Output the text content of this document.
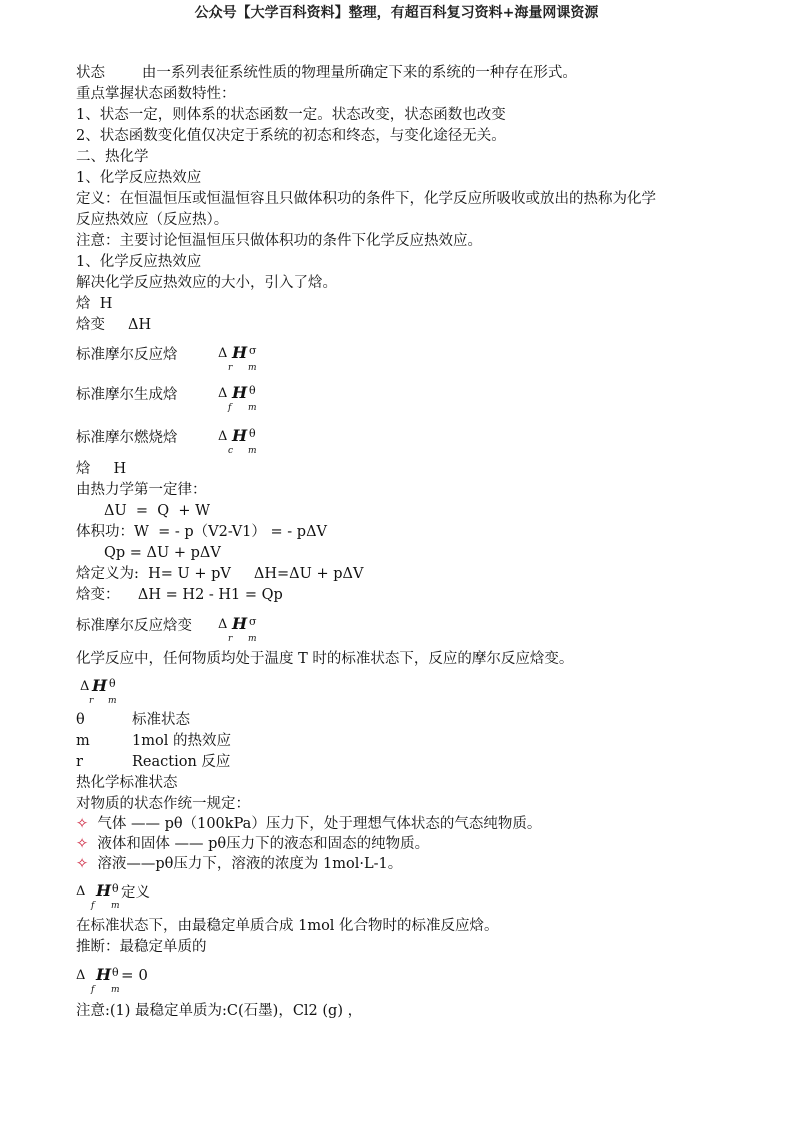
公众号【大学百科资料】整理，有超百科复习资料+海量网课资源
状态        由一系列表征系统性质的物理量所确定下来的系统的一种存在形式。
重点掌握状态函数特性：
1、状态一定，则体系的状态函数一定。状态改变，状态函数也改变
2、状态函数变化值仅决定于系统的初态和终态，与变化途径无关。
二、热化学
1、化学反应热效应
定义：在恒温恒压或恒温恒容且只做体积功的条件下，化学反应所吸收或放出的热称为化学
反应热效应（反应热）。
注意：主要讨论恒温恒压只做体积功的条件下化学反应热效应。
1、化学反应热效应
解决化学反应热效应的大小，引入了焓。
焓  H
焓变     ΔH
标准摩尔反应焓	Δ H σ
r m
标准摩尔生成焓	Δ H θ
f m
标准摩尔燃烧焓	Δ H θ
c m
焓     H
由热力学第一定律：
ΔU  =  Q  + W
体积功：W  = - p（V2-V1） = - pΔV
Qp = ΔU + pΔV
焓定义为:  H= U + pV     ΔH=ΔU + pΔV
焓变：    ΔH = H2 - H1 = Qp
标准摩尔反应焓变 Δ H σ
r m
化学反应中，任何物质均处于温度 T 时的标准状态下，反应的摩尔反应焓变。
Δ H θ
r m
θ	标准状态
m	1mol 的热效应
r	Reaction 反应
热化学标准状态
对物质的状态作统一规定：
✧ 气体 —— pθ（100kPa）压力下，处于理想气体状态的气态纯物质。
✧ 液体和固体 —— pθ压力下的液态和固态的纯物质。
✧ 溶液——pθ压力下，溶液的浓度为 1mol·L-1。
Δ H θ
f m
定义
在标准状态下，由最稳定单质合成 1mol 化合物时的标准反应焓。
推断：最稳定单质的
Δ H θ = 0
f m
注意:(1) 最稳定单质为:C(石墨)，Cl2 (g) ，
